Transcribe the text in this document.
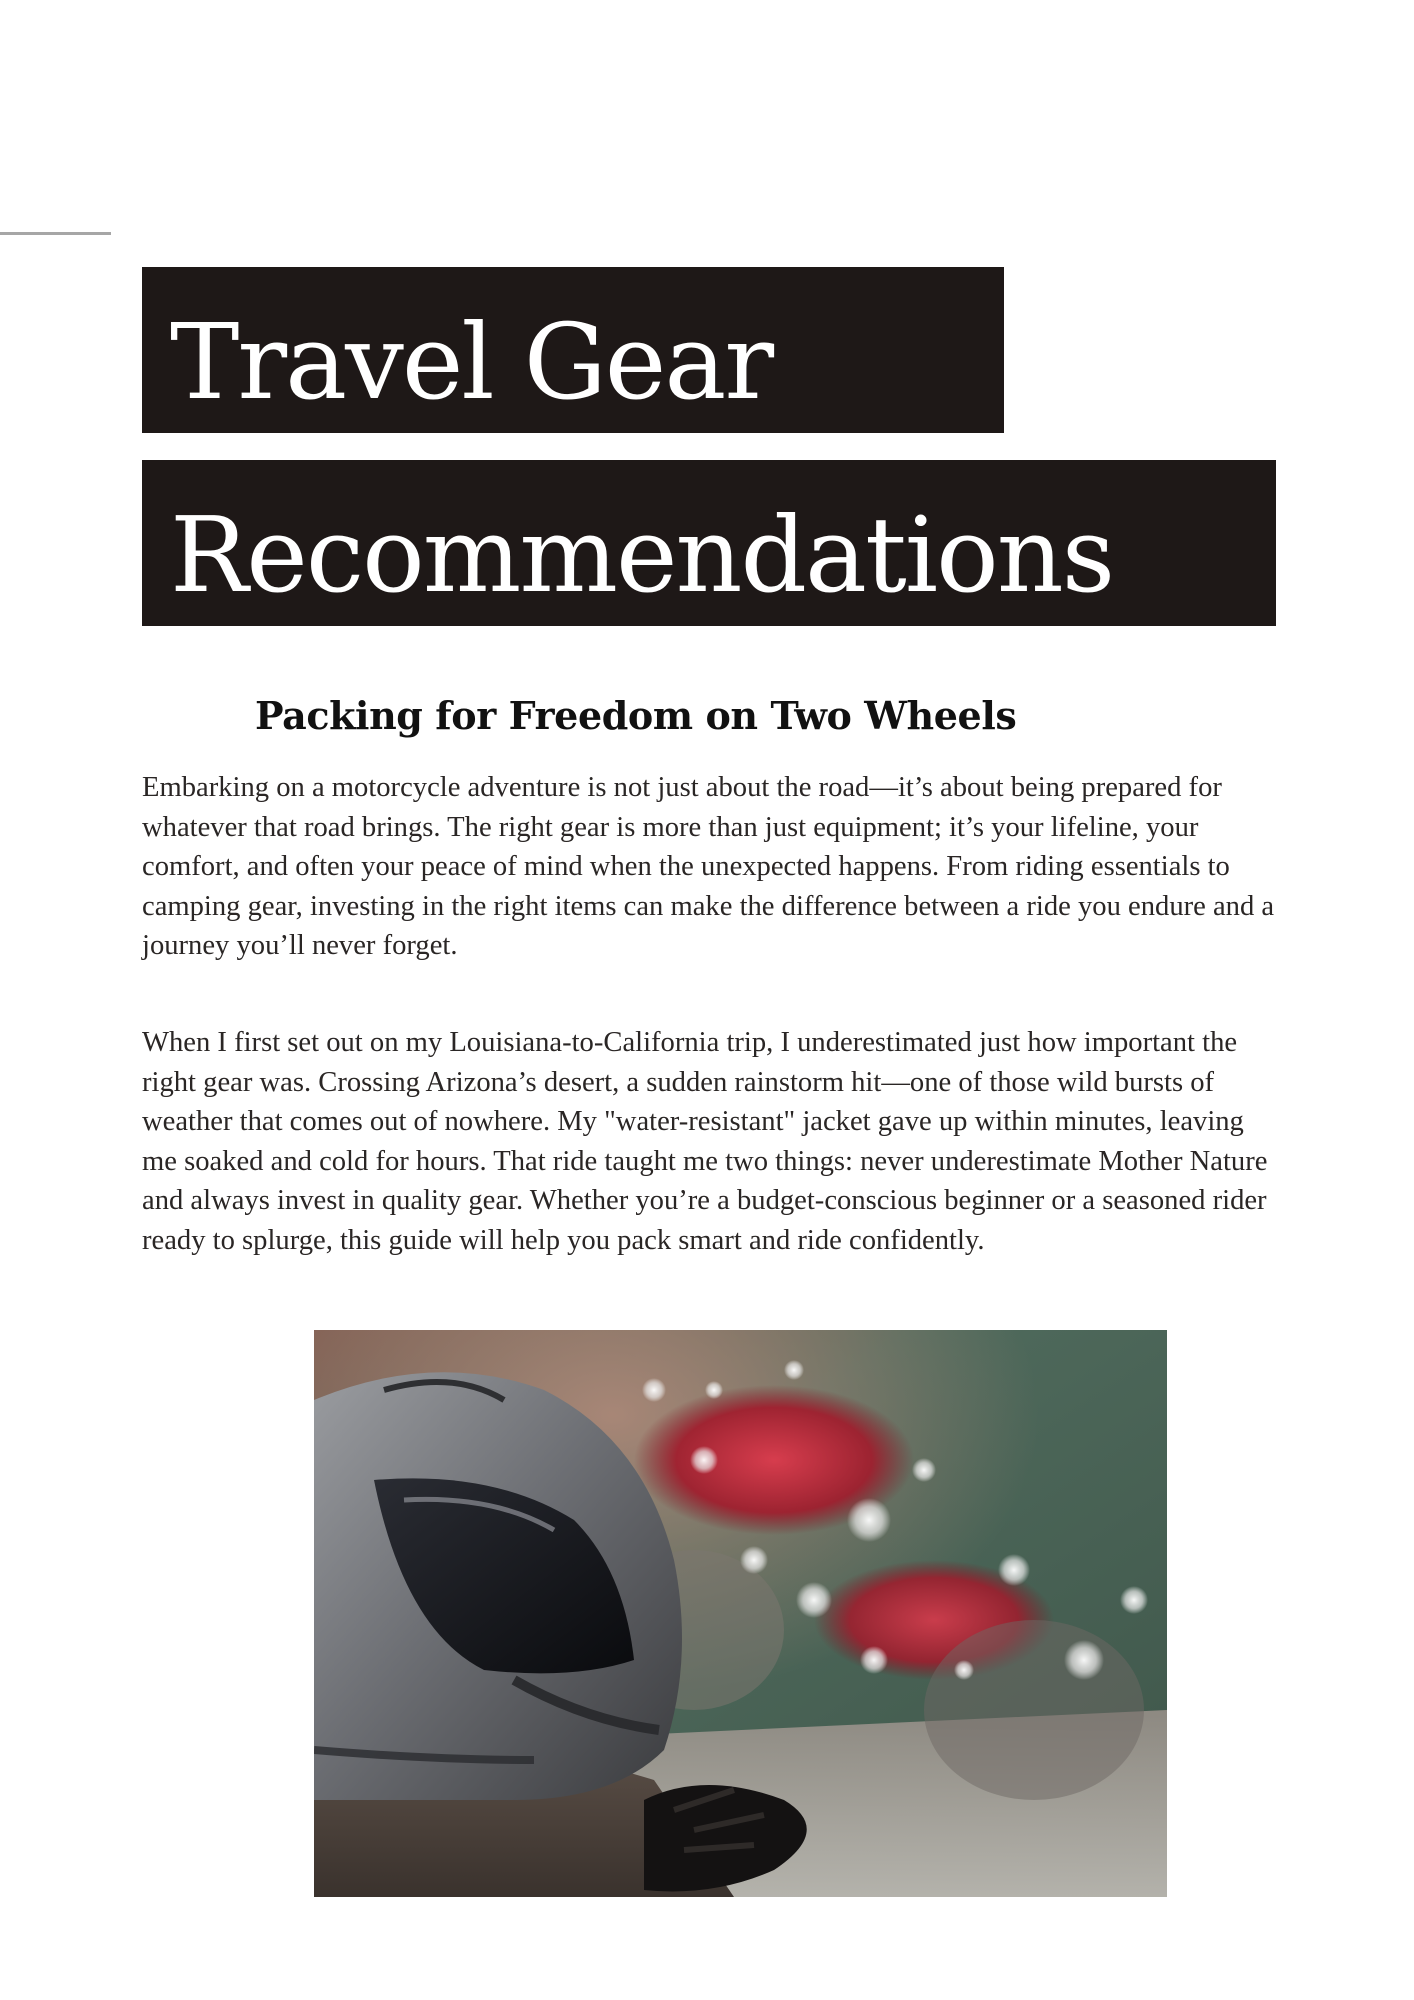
Travel Gear
Recommendations
Packing for Freedom on Two Wheels

Embarking on a motorcycle adventure is not just about the road—it’s about being prepared for whatever that road brings. The right gear is more than just equipment; it’s your lifeline, your comfort, and often your peace of mind when the unexpected happens. From riding essentials to camping gear, investing in the right items can make the difference between a ride you endure and a journey you’ll never forget.

When I first set out on my Louisiana-to-California trip, I underestimated just how important the right gear was. Crossing Arizona’s desert, a sudden rainstorm hit—one of those wild bursts of weather that comes out of nowhere. My "water-resistant" jacket gave up within minutes, leaving me soaked and cold for hours. That ride taught me two things: never underestimate Mother Nature and always invest in quality gear. Whether you’re a budget-conscious beginner or a seasoned rider ready to splurge, this guide will help you pack smart and ride confidently.
